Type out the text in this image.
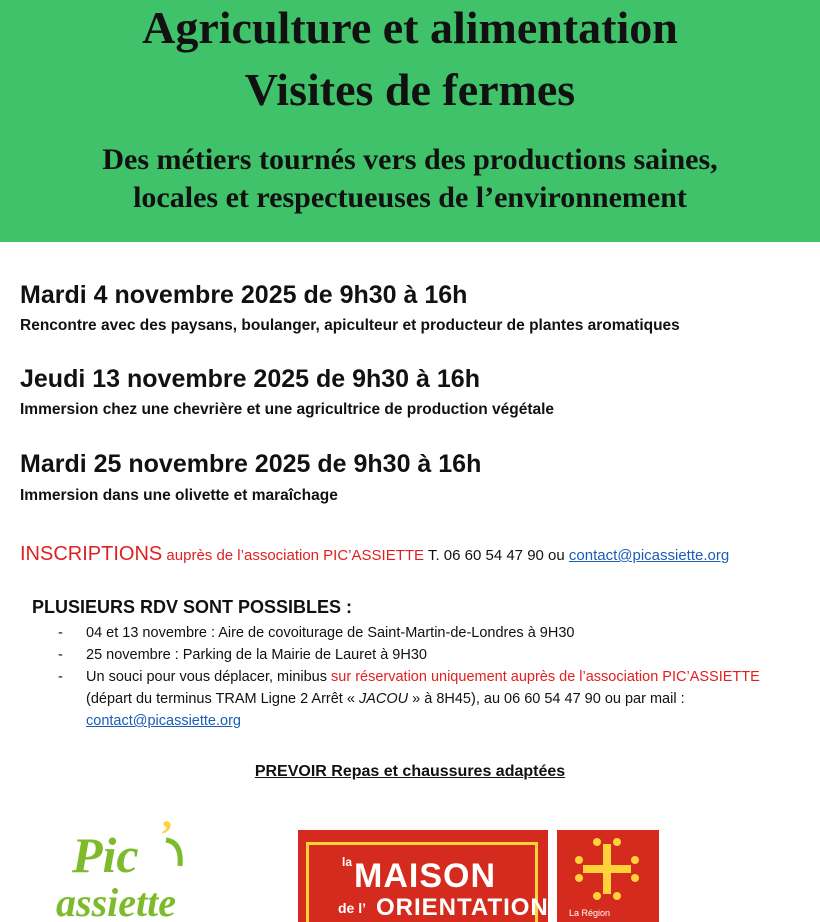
Agriculture et alimentation
Visites de fermes
Des métiers tournés vers des productions saines,
locales et respectueuses de l’environnement
Mardi 4 novembre 2025 de 9h30 à 16h
Rencontre avec des paysans, boulanger, apiculteur et producteur de plantes aromatiques
Jeudi 13 novembre 2025 de 9h30 à 16h
Immersion chez une chevrière et une agricultrice de production végétale
Mardi 25 novembre 2025 de 9h30 à 16h
Immersion dans une olivette et maraîchage
INSCRIPTIONS auprès de l’association PIC’ASSIETTE T. 06 60 54 47 90 ou contact@picassiette.org
PLUSIEURS RDV SONT POSSIBLES :
- 04 et 13 novembre : Aire de covoiturage de Saint-Martin-de-Londres à 9H30
- 25 novembre : Parking de la Mairie de Lauret à 9H30
- Un souci pour vous déplacer, minibus sur réservation uniquement auprès de l’association PIC’ASSIETTE (départ du terminus TRAM Ligne 2 Arrêt « JACOU » à 8H45), au 06 60 54 47 90 ou par mail : contact@picassiette.org
PREVOIR Repas et chaussures adaptées
Pic ’
assiette
la MAISON
de l’ ORIENTATION La Région
